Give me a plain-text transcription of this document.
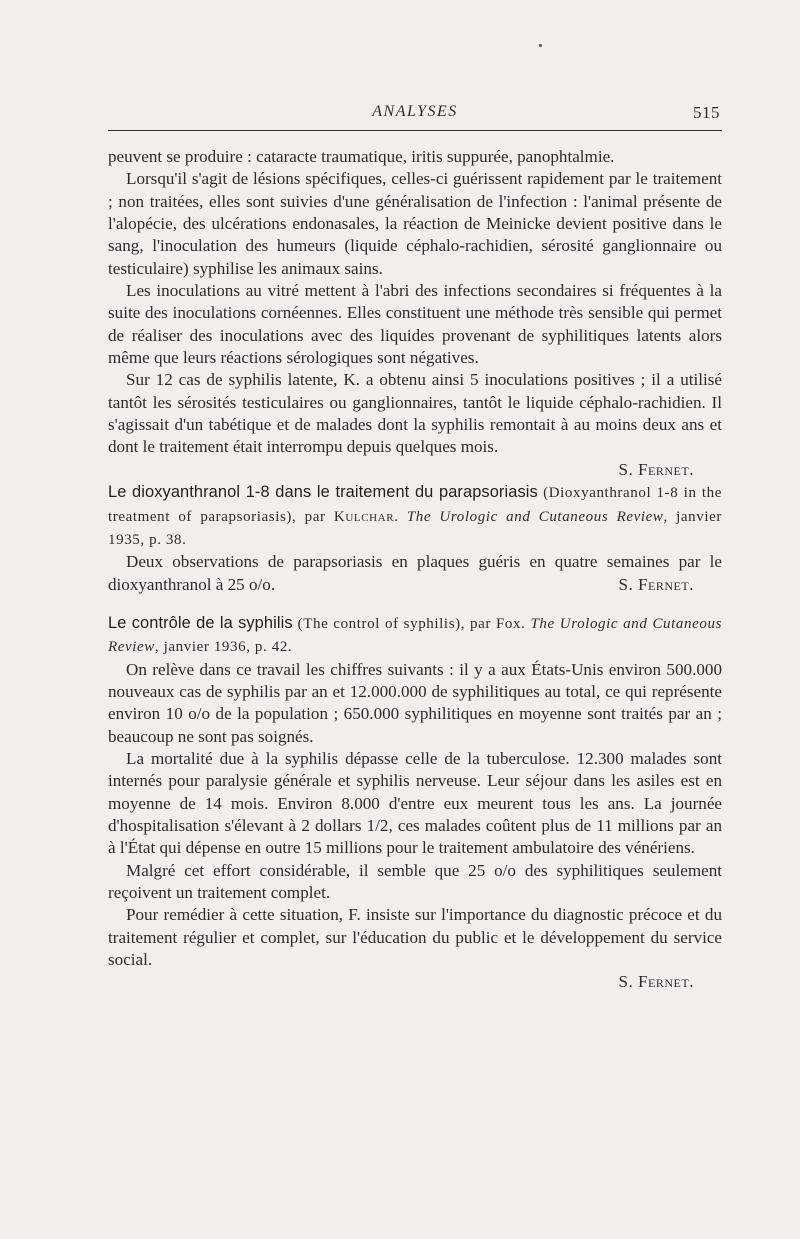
ANALYSES	515

peuvent se produire : cataracte traumatique, iritis suppurée, panophtalmie.

Lorsqu'il s'agit de lésions spécifiques, celles-ci guérissent rapidement par le traitement ; non traitées, elles sont suivies d'une généralisation de l'infection : l'animal présente de l'alopécie, des ulcérations endonasales, la réaction de Meinicke devient positive dans le sang, l'inoculation des humeurs (liquide céphalo-rachidien, sérosité ganglionnaire ou testiculaire) syphilise les animaux sains.

Les inoculations au vitré mettent à l'abri des infections secondaires si fréquentes à la suite des inoculations cornéennes. Elles constituent une méthode très sensible qui permet de réaliser des inoculations avec des liquides provenant de syphilitiques latents alors même que leurs réactions sérologiques sont négatives.

Sur 12 cas de syphilis latente, K. a obtenu ainsi 5 inoculations positives ; il a utilisé tantôt les sérosités testiculaires ou ganglionnaires, tantôt le liquide céphalo-rachidien. Il s'agissait d'un tabétique et de malades dont la syphilis remontait à au moins deux ans et dont le traitement était interrompu depuis quelques mois.

S. Fernet.

Le dioxyanthranol 1-8 dans le traitement du parapsoriasis (Dioxyanthranol 1-8 in the treatment of parapsoriasis), par Kulchar. The Urologic and Cutaneous Review, janvier 1935, p. 38.

Deux observations de parapsoriasis en plaques guéris en quatre semaines par le dioxyanthranol à 25 o/o.	S. Fernet.

Le contrôle de la syphilis (The control of syphilis), par Fox. The Urologic and Cutaneous Review, janvier 1936, p. 42.

On relève dans ce travail les chiffres suivants : il y a aux États-Unis environ 500.000 nouveaux cas de syphilis par an et 12.000.000 de syphilitiques au total, ce qui représente environ 10 o/o de la population ; 650.000 syphilitiques en moyenne sont traités par an ; beaucoup ne sont pas soignés.

La mortalité due à la syphilis dépasse celle de la tuberculose. 12.300 malades sont internés pour paralysie générale et syphilis nerveuse. Leur séjour dans les asiles est en moyenne de 14 mois. Environ 8.000 d'entre eux meurent tous les ans. La journée d'hospitalisation s'élevant à 2 dollars 1/2, ces malades coûtent plus de 11 millions par an à l'État qui dépense en outre 15 millions pour le traitement ambulatoire des vénériens.

Malgré cet effort considérable, il semble que 25 o/o des syphilitiques seulement reçoivent un traitement complet.

Pour remédier à cette situation, F. insiste sur l'importance du diagnostic précoce et du traitement régulier et complet, sur l'éducation du public et le développement du service social.

S. Fernet.
